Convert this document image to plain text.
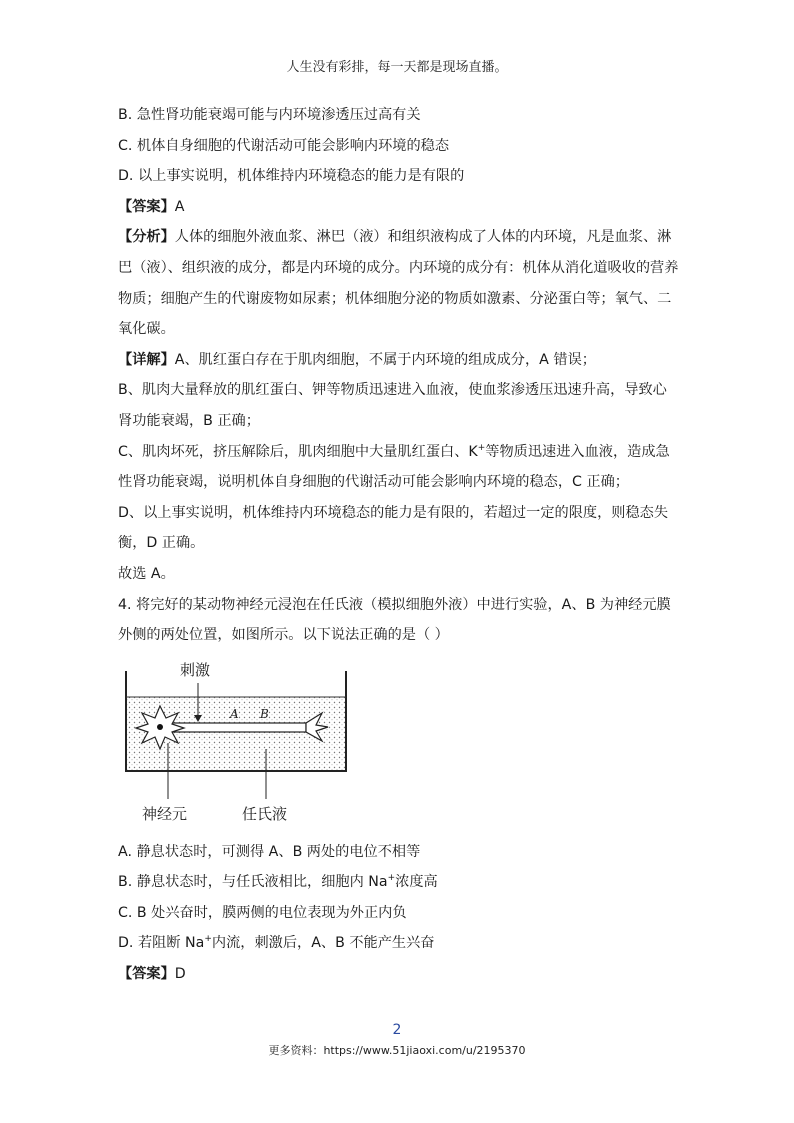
人生没有彩排，每一天都是现场直播。
B. 急性肾功能衰竭可能与内环境渗透压过高有关
C. 机体自身细胞的代谢活动可能会影响内环境的稳态
D. 以上事实说明，机体维持内环境稳态的能力是有限的
【答案】A
【分析】人体的细胞外液血浆、淋巴（液）和组织液构成了人体的内环境，凡是血浆、淋
巴（液）、组织液的成分，都是内环境的成分。内环境的成分有：机体从消化道吸收的营养
物质；细胞产生的代谢废物如尿素；机体细胞分泌的物质如激素、分泌蛋白等；氧气、二
氧化碳。
【详解】A、肌红蛋白存在于肌肉细胞，不属于内环境的组成成分，A 错误；
B、肌肉大量释放的肌红蛋白、钾等物质迅速进入血液，使血浆渗透压迅速升高，导致心
肾功能衰竭，B 正确；
C、肌肉坏死，挤压解除后，肌肉细胞中大量肌红蛋白、K+等物质迅速进入血液，造成急
性肾功能衰竭，说明机体自身细胞的代谢活动可能会影响内环境的稳态，C 正确；
D、以上事实说明，机体维持内环境稳态的能力是有限的，若超过一定的限度，则稳态失
衡，D 正确。
故选 A。
4. 将完好的某动物神经元浸泡在任氏液（模拟细胞外液）中进行实验，A、B 为神经元膜
外侧的两处位置，如图所示。以下说法正确的是（ ）
刺激
A B
神经元	任氏液
A. 静息状态时，可测得 A、B 两处的电位不相等
B. 静息状态时，与任氏液相比，细胞内 Na+浓度高
C. B 处兴奋时，膜两侧的电位表现为外正内负
D. 若阻断 Na+内流，刺激后，A、B 不能产生兴奋
【答案】D
2
更多资料：https://www.51jiaoxi.com/u/2195370
